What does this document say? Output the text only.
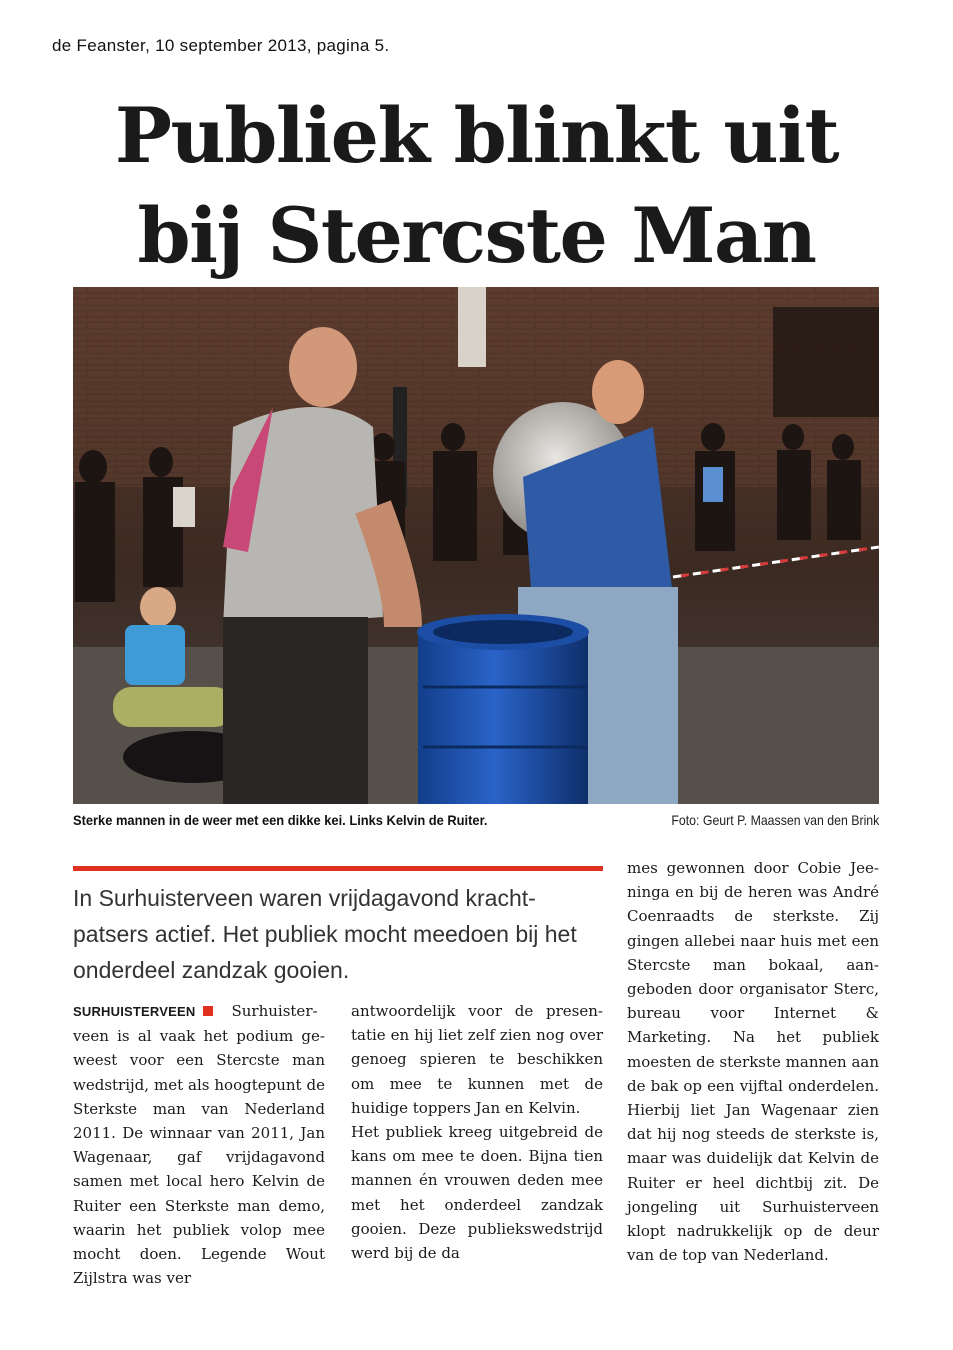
de Feanster, 10 september 2013, pagina 5.
Publiek blinkt uit
bij Stercste Man
Sterke mannen in de weer met een dikke kei. Links Kelvin de Ruiter.	Foto: Geurt P. Maassen van den Brink
In Surhuisterveen waren vrijdagavond krachtpatsers actief. Het publiek mocht meedoen bij het onderdeel zandzak gooien.

SURHUISTERVEEN Surhuisterveen is al vaak het podium geweest voor een Stercste man wedstrijd, met als hoogtepunt de Sterkste man van Nederland 2011. De winnaar van 2011, Jan Wagenaar, gaf vrijdagavond samen met local hero Kelvin de Ruiter een Sterkste man demo, waarin het publiek volop mee mocht doen. Legende Wout Zijlstra was ver

antwoordelijk voor de presentatie en hij liet zelf zien nog over genoeg spieren te beschikken om mee te kunnen met de huidige toppers Jan en Kelvin.

Het publiek kreeg uitgebreid de kans om mee te doen. Bijna tien mannen én vrouwen deden mee met het onderdeel zandzak gooien. Deze publiekswedstrijd werd bij de da

mes gewonnen door Cobie Jeeninga en bij de heren was André Coenraadts de sterkste. Zij gingen allebei naar huis met een Stercste man bokaal, aangeboden door organisator Sterc, bureau voor Internet & Marketing. Na het publiek moesten de sterkste mannen aan de bak op een vijftal onderdelen. Hierbij liet Jan Wagenaar zien dat hij nog steeds de sterkste is, maar was duidelijk dat Kelvin de Ruiter er heel dichtbij zit. De jongeling uit Surhuisterveen klopt nadrukkelijk op de deur van de top van Nederland.
